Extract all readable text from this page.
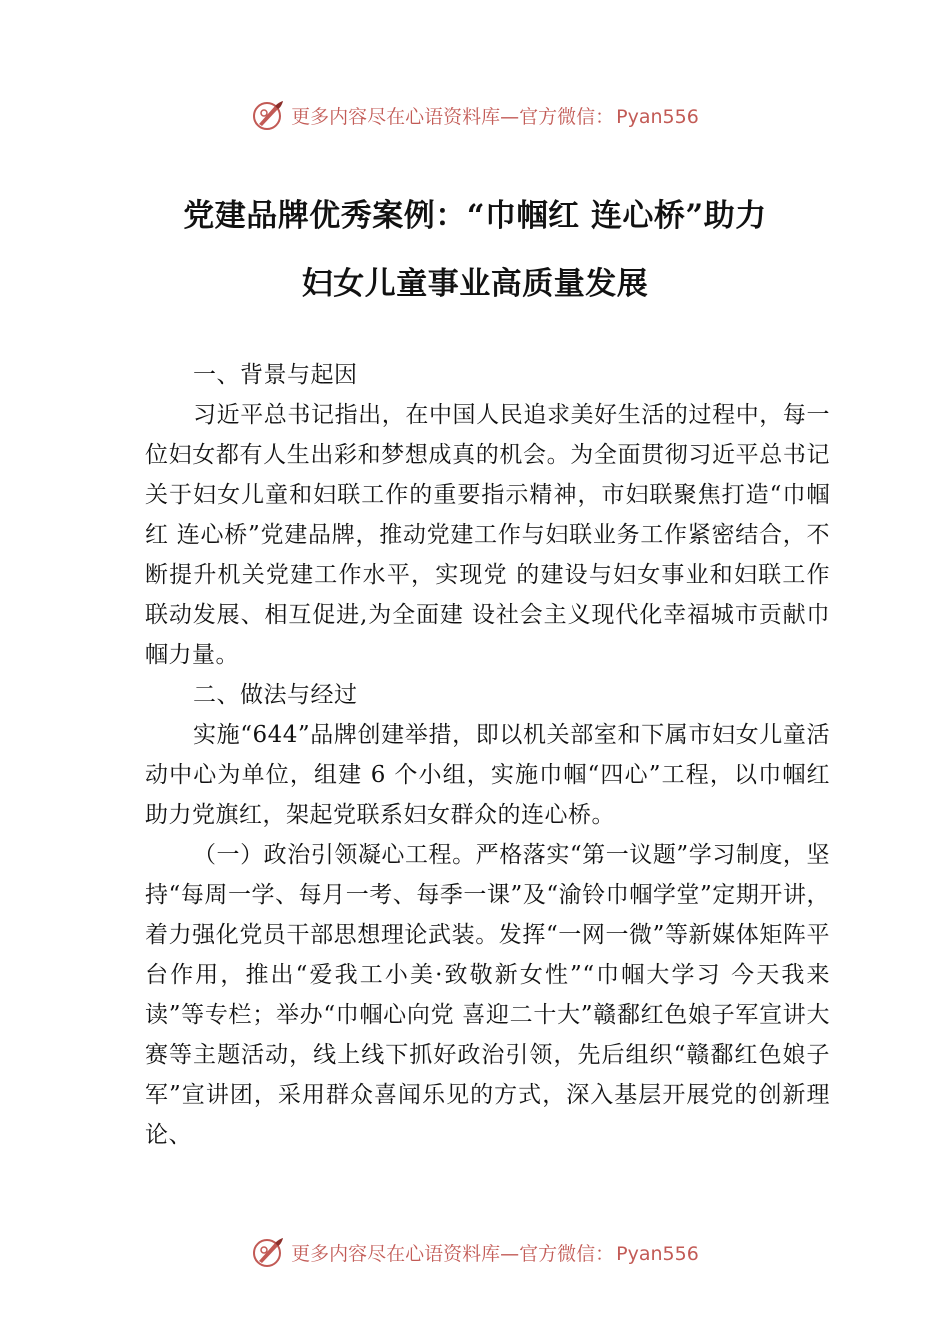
更多内容尽在心语资料库—官方微信： Pyan556
党建品牌优秀案例：“巾帼红 连心桥”助力
妇女儿童事业高质量发展

一、背景与起因

习近平总书记指出，在中国人民追求美好生活的过程中，每一位妇女都有人生出彩和梦想成真的机会。为全面贯彻习近平总书记关于妇女儿童和妇联工作的重要指示精神，市妇联聚焦打造“巾帼红 连心桥”党建品牌，推动党建工作与妇联业务工作紧密结合，不断提升机关党建工作水平，实现党 的建设与妇女事业和妇联工作联动发展、相互促进,为全面建 设社会主义现代化幸福城市贡献巾帼力量。

二、做法与经过

实施“644”品牌创建举措，即以机关部室和下属市妇女儿童活动中心为单位，组建 6 个小组，实施巾帼“四心”工程，以巾帼红助力党旗红，架起党联系妇女群众的连心桥。

（一）政治引领凝心工程。严格落实“第一议题”学习制度，坚持“每周一学、每月一考、每季一课”及“渝铃巾帼学堂”定期开讲，着力强化党员干部思想理论武装。发挥“一网一微”等新媒体矩阵平台作用，推出“爱我工小美·致敬新女性”“巾帼大学习 今天我来读”等专栏；举办“巾帼心向党 喜迎二十大”赣鄱红色娘子军宣讲大赛等主题活动，线上线下抓好政治引领，先后组织“赣鄱红色娘子军”宣讲团，采用群众喜闻乐见的方式，深入基层开展党的创新理论、

更多内容尽在心语资料库—官方微信： Pyan556
